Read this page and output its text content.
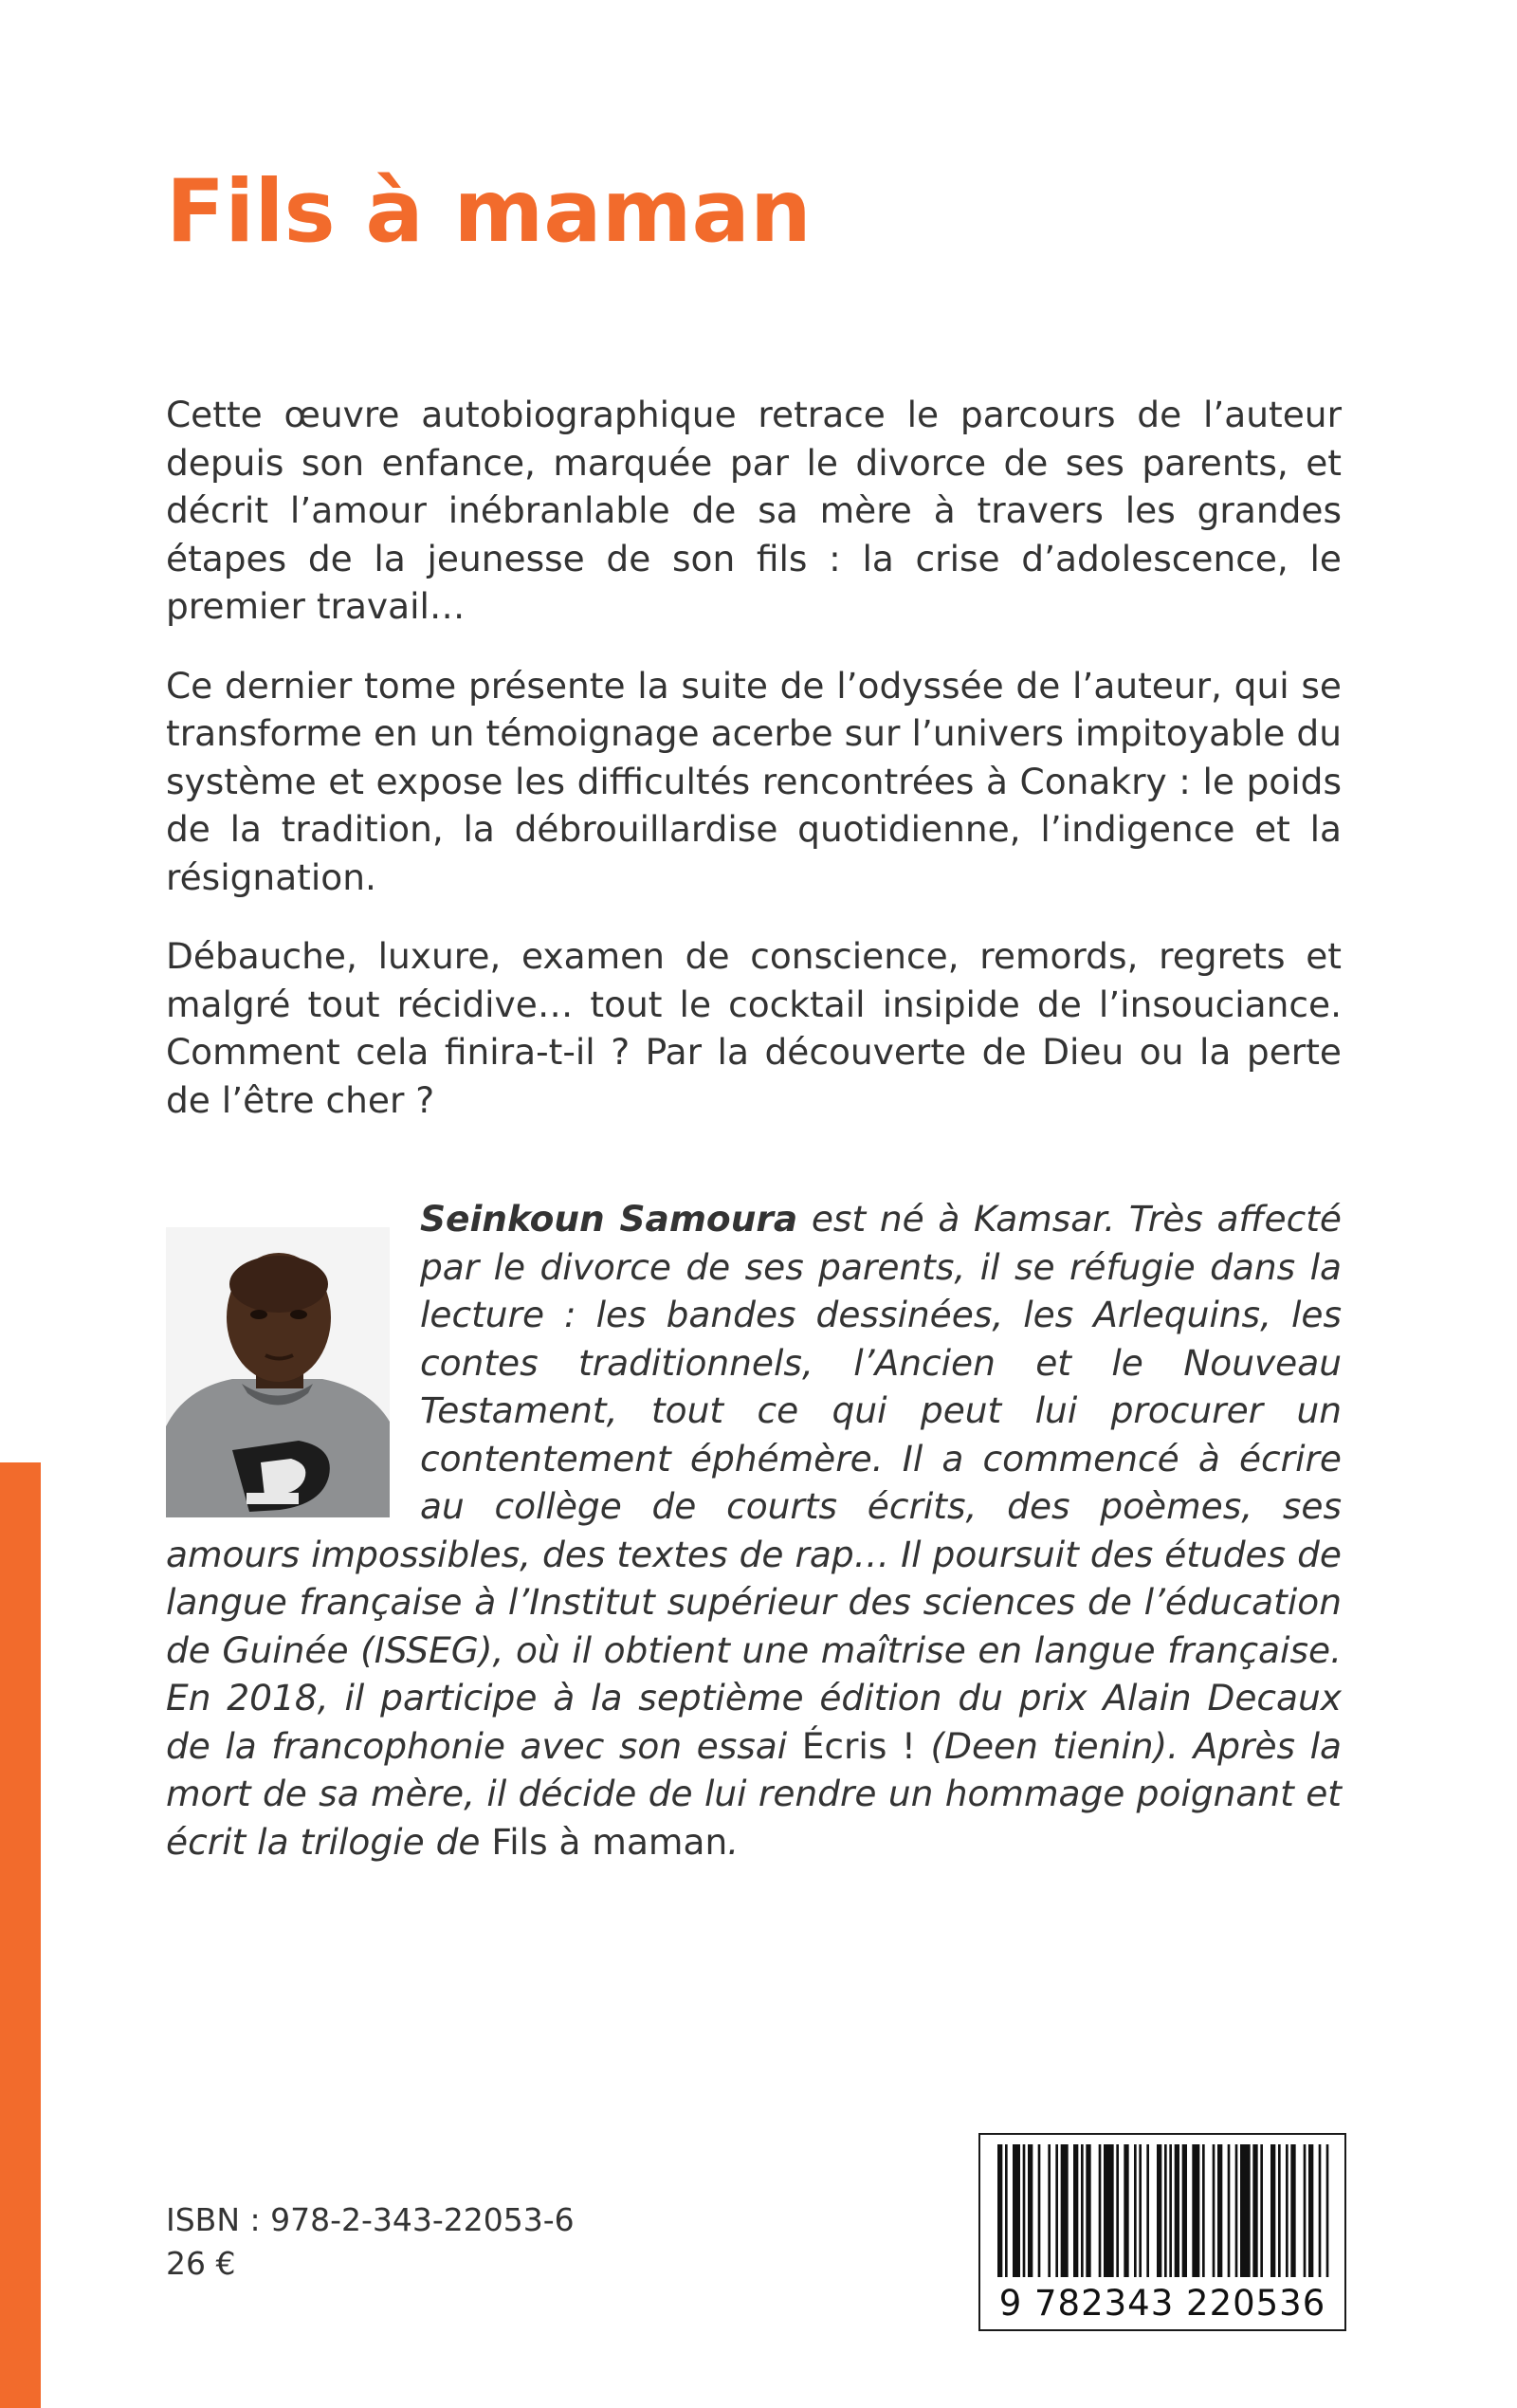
Fils à maman

Cette œuvre autobiographique retrace le parcours de l’auteur depuis son enfance, marquée par le divorce de ses parents, et décrit l’amour inébranlable de sa mère à travers les grandes étapes de la jeunesse de son fils : la crise d’adolescence, le premier travail…

Ce dernier tome présente la suite de l’odyssée de l’auteur, qui se transforme en un témoignage acerbe sur l’univers impitoyable du système et expose les difficultés rencontrées à Conakry : le poids de la tradition, la débrouillardise quotidienne, l’indigence et la résignation.

Débauche, luxure, examen de conscience, remords, regrets et malgré tout récidive… tout le cocktail insipide de l’insouciance. Comment cela finira-t-il ? Par la découverte de Dieu ou la perte de l’être cher ?

Seinkoun Samoura est né à Kamsar. Très affecté par le divorce de ses parents, il se réfugie dans la lecture : les bandes dessinées, les Arlequins, les contes traditionnels, l’Ancien et le Nouveau Testament, tout ce qui peut lui procurer un contentement éphémère. Il a commencé à écrire au collège de courts écrits, des poèmes, ses amours impossibles, des textes de rap… Il poursuit des études de langue française à l’Institut supérieur des sciences de l’éducation de Guinée (ISSEG), où il obtient une maîtrise en langue française. En 2018, il participe à la septième édition du prix Alain Decaux de la francophonie avec son essai Écris ! (Deen tienin). Après la mort de sa mère, il décide de lui rendre un hommage poignant et écrit la trilogie de Fils à maman.
ISBN : 978-2-343-22053-6
26 €
9 782343 220536
